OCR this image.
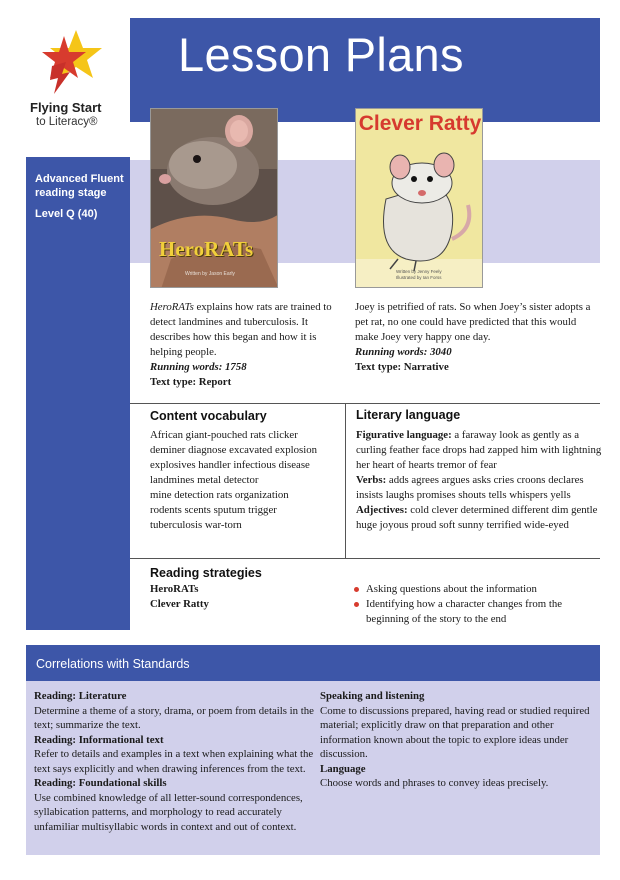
Flying Start
to Literacy®
Lesson Plans
Advanced Fluent reading stage
Level Q (40)
HeroRATs
Written by Jason Early
Clever Ratty
Written by Jenny Feely
Illustrated by Ian Forss
HeroRATs explains how rats are trained to detect landmines and tuberculosis. It describes how this began and how it is helping people.
Running words: 1758
Text type: Report
Joey is petrified of rats. So when Joey’s sister adopts a pet rat, no one could have predicted that this would make Joey very happy one day.
Running words: 3040
Text type: Narrative
Content vocabulary
African giant-pouched rats clicker
deminer diagnose excavated explosion
explosives handler infectious disease
landmines metal detector
mine detection rats organization
rodents scents sputum trigger
tuberculosis war-torn
Literary language
Figurative language: a faraway look as gently as a curling feather face drops had zapped him with lightning her heart of hearts tremor of fear
Verbs: adds agrees argues asks cries croons declares insists laughs promises shouts tells whispers yells
Adjectives: cold clever determined different dim gentle huge joyous proud soft sunny terrified wide-eyed
Reading strategies
HeroRATs
Clever Ratty
Asking questions about the information
Identifying how a character changes from the beginning of the story to the end
Correlations with Standards
Reading: Literature
Determine a theme of a story, drama, or poem from details in the text; summarize the text.
Reading: Informational text
Refer to details and examples in a text when explaining what the text says explicitly and when drawing inferences from the text.
Reading: Foundational skills
Use combined knowledge of all letter-sound correspondences, syllabication patterns, and morphology to read accurately unfamiliar multisyllabic words in context and out of context.
Speaking and listening
Come to discussions prepared, having read or studied required material; explicitly draw on that preparation and other information known about the topic to explore ideas under discussion.
Language
Choose words and phrases to convey ideas precisely.
